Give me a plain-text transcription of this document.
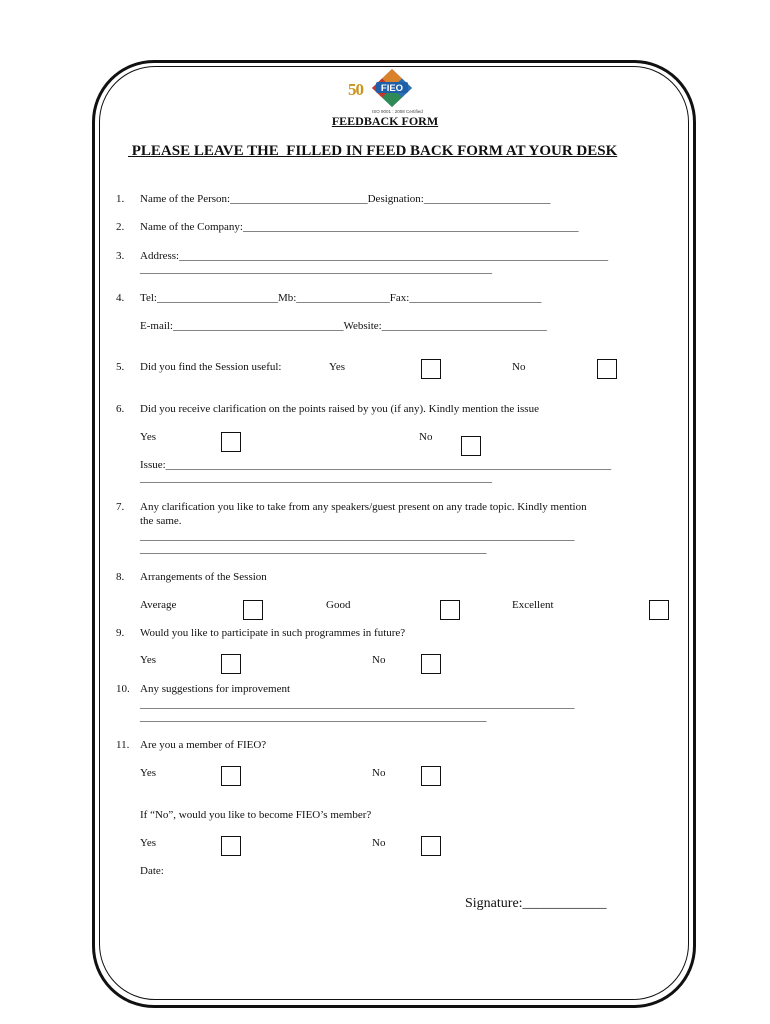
50 FIEO
ISO 9001 : 2008 Certified
FEEDBACK FORM
PLEASE LEAVE THE  FILLED IN FEED BACK FORM AT YOUR DESK
1. Name of the Person:_________________________Designation:_______________________
2. Name of the Company:_____________________________________________________________
3. Address:______________________________________________________________________________
________________________________________________________________
4. Tel:______________________Mb:_________________Fax:________________________
E-mail:_______________________________Website:______________________________
5. Did you find the Session useful:	Yes	No
6. Did you receive clarification on the points raised by you (if any). Kindly mention the issue
Yes	No
Issue:_________________________________________________________________________________
________________________________________________________________
7. Any clarification you like to take from any speakers/guest present on any trade topic. Kindly mention
the same.
_______________________________________________________________________________
_______________________________________________________________
8. Arrangements of the Session
Average	Good	Excellent
9. Would you like to participate in such programmes in future?
Yes	No
10. Any suggestions for improvement
_______________________________________________________________________________
_______________________________________________________________
11. Are you a member of FIEO?
Yes	No
If “No”, would you like to become FIEO’s member?
Yes	No
Date:
Signature:____________
